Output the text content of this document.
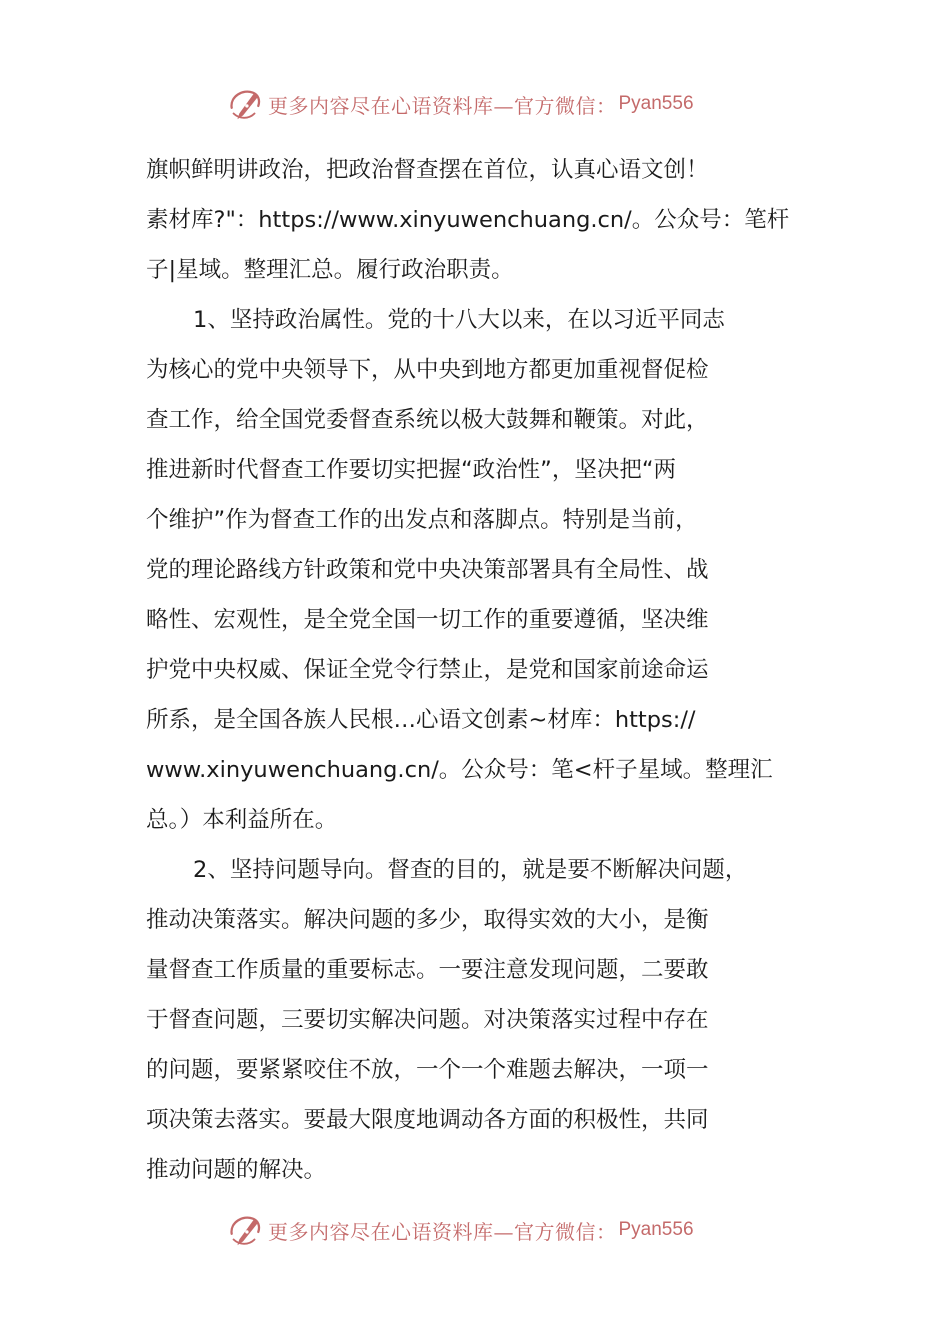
更多内容尽在心语资料库—官方微信： Pyan556
旗帜鲜明讲政治，把政治督查摆在首位，认真心语文创！
素材库?"：https://www.xinyuwenchuang.cn/。公众号：笔杆
子|星域。整理汇总。履行政治职责。
1、坚持政治属性。党的十八大以来，在以习近平同志
为核心的党中央领导下，从中央到地方都更加重视督促检
查工作，给全国党委督查系统以极大鼓舞和鞭策。对此，
推进新时代督查工作要切实把握“政治性”，坚决把“两
个维护”作为督查工作的出发点和落脚点。特别是当前，
党的理论路线方针政策和党中央决策部署具有全局性、战
略性、宏观性，是全党全国一切工作的重要遵循，坚决维
护党中央权威、保证全党令行禁止，是党和国家前途命运
所系，是全国各族人民根…心语文创素~材库：https://
www.xinyuwenchuang.cn/。公众号：笔<杆子星域。整理汇
总。）本利益所在。
2、坚持问题导向。督查的目的，就是要不断解决问题，
推动决策落实。解决问题的多少，取得实效的大小，是衡
量督查工作质量的重要标志。一要注意发现问题，二要敢
于督查问题，三要切实解决问题。对决策落实过程中存在
的问题，要紧紧咬住不放，一个一个难题去解决，一项一
项决策去落实。要最大限度地调动各方面的积极性，共同
推动问题的解决。
更多内容尽在心语资料库—官方微信： Pyan556
